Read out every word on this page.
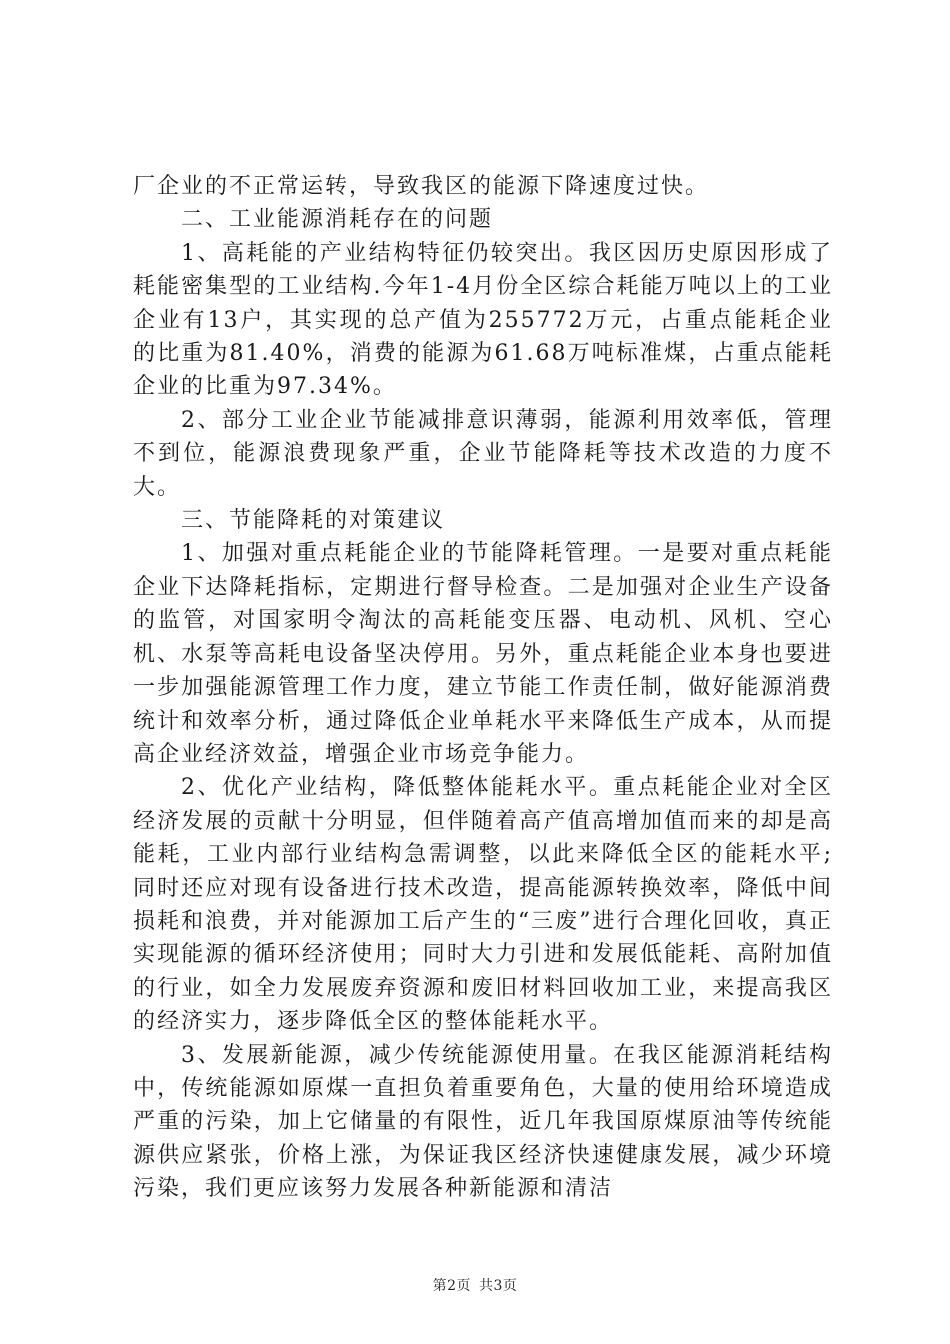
厂企业的不正常运转，导致我区的能源下降速度过快。

二、工业能源消耗存在的问题

1、高耗能的产业结构特征仍较突出。我区因历史原因形成了耗能密集型的工业结构.今年1-4月份全区综合耗能万吨以上的工业企业有13户，其实现的总产值为255772万元，占重点能耗企业的比重为81.40%，消费的能源为61.68万吨标准煤，占重点能耗企业的比重为97.34%。

2、部分工业企业节能减排意识薄弱，能源利用效率低，管理不到位，能源浪费现象严重，企业节能降耗等技术改造的力度不大。

三、节能降耗的对策建议

1、加强对重点耗能企业的节能降耗管理。一是要对重点耗能企业下达降耗指标，定期进行督导检查。二是加强对企业生产设备的监管，对国家明令淘汰的高耗能变压器、电动机、风机、空心机、水泵等高耗电设备坚决停用。另外，重点耗能企业本身也要进一步加强能源管理工作力度，建立节能工作责任制，做好能源消费统计和效率分析，通过降低企业单耗水平来降低生产成本，从而提高企业经济效益，增强企业市场竞争能力。

2、优化产业结构，降低整体能耗水平。重点耗能企业对全区经济发展的贡献十分明显，但伴随着高产值高增加值而来的却是高能耗，工业内部行业结构急需调整，以此来降低全区的能耗水平;同时还应对现有设备进行技术改造，提高能源转换效率，降低中间损耗和浪费，并对能源加工后产生的“三废”进行合理化回收，真正实现能源的循环经济使用；同时大力引进和发展低能耗、高附加值的行业，如全力发展废弃资源和废旧材料回收加工业，来提高我区的经济实力，逐步降低全区的整体能耗水平。

3、发展新能源，减少传统能源使用量。在我区能源消耗结构中，传统能源如原煤一直担负着重要角色，大量的使用给环境造成严重的污染，加上它储量的有限性，近几年我国原煤原油等传统能源供应紧张，价格上涨，为保证我区经济快速健康发展，减少环境污染，我们更应该努力发展各种新能源和清洁

第2页 共3页
